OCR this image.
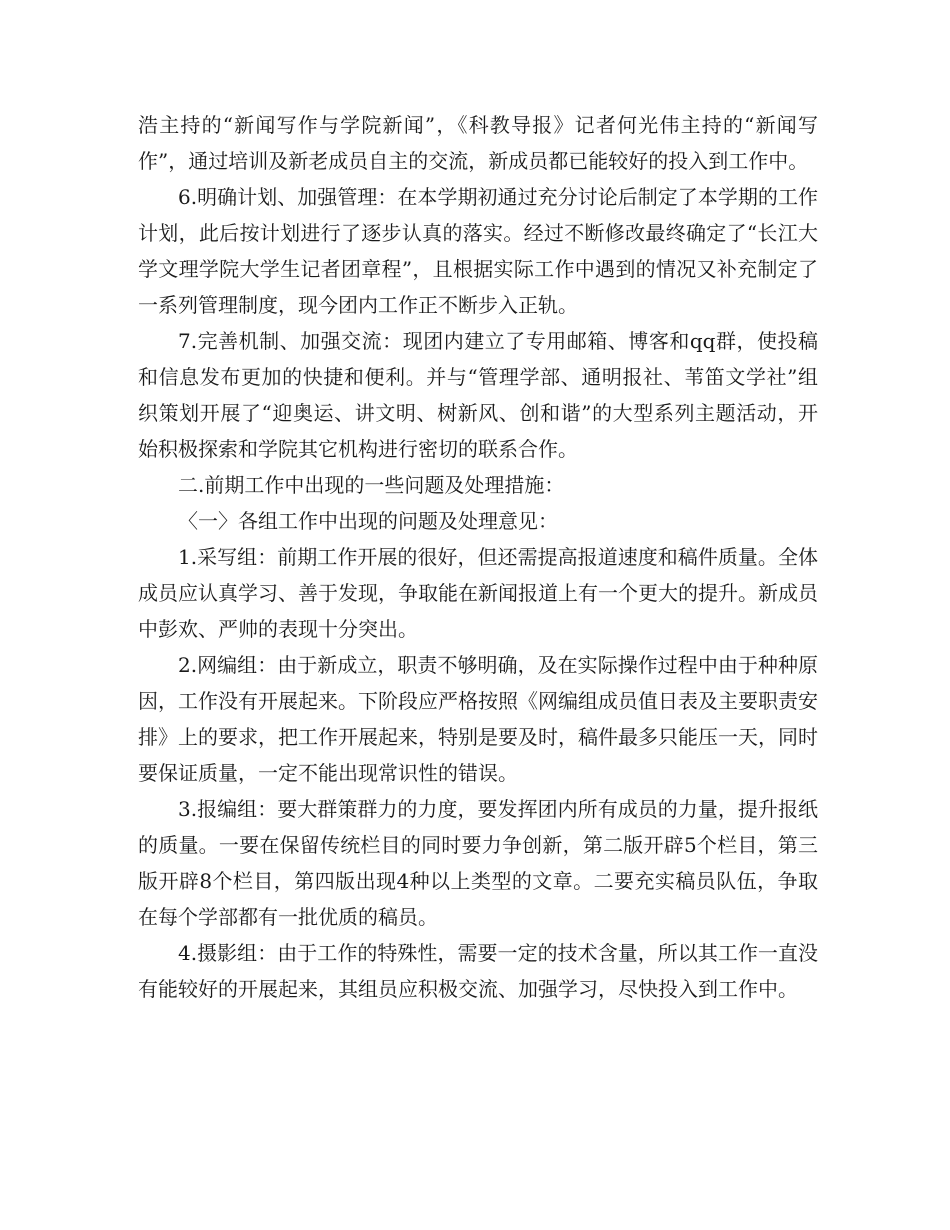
浩主持的“新闻写作与学院新闻”，《科教导报》记者何光伟主持的“新闻写作”，通过培训及新老成员自主的交流，新成员都已能较好的投入到工作中。

6.明确计划、加强管理：在本学期初通过充分讨论后制定了本学期的工作计划，此后按计划进行了逐步认真的落实。经过不断修改最终确定了“长江大学文理学院大学生记者团章程”，且根据实际工作中遇到的情况又补充制定了一系列管理制度，现今团内工作正不断步入正轨。

7.完善机制、加强交流：现团内建立了专用邮箱、博客和qq群，使投稿和信息发布更加的快捷和便利。并与“管理学部、通明报社、苇笛文学社”组织策划开展了“迎奥运、讲文明、树新风、创和谐”的大型系列主题活动，开始积极探索和学院其它机构进行密切的联系合作。

二.前期工作中出现的一些问题及处理措施：

〈一〉各组工作中出现的问题及处理意见：

1.采写组：前期工作开展的很好，但还需提高报道速度和稿件质量。全体成员应认真学习、善于发现，争取能在新闻报道上有一个更大的提升。新成员中彭欢、严帅的表现十分突出。

2.网编组：由于新成立，职责不够明确，及在实际操作过程中由于种种原因，工作没有开展起来。下阶段应严格按照《网编组成员值日表及主要职责安排》上的要求，把工作开展起来，特别是要及时，稿件最多只能压一天，同时要保证质量，一定不能出现常识性的错误。

3.报编组：要大群策群力的力度，要发挥团内所有成员的力量，提升报纸的质量。一要在保留传统栏目的同时要力争创新，第二版开辟5个栏目，第三版开辟8个栏目，第四版出现4种以上类型的文章。二要充实稿员队伍，争取在每个学部都有一批优质的稿员。

4.摄影组：由于工作的特殊性，需要一定的技术含量，所以其工作一直没有能较好的开展起来，其组员应积极交流、加强学习，尽快投入到工作中。
